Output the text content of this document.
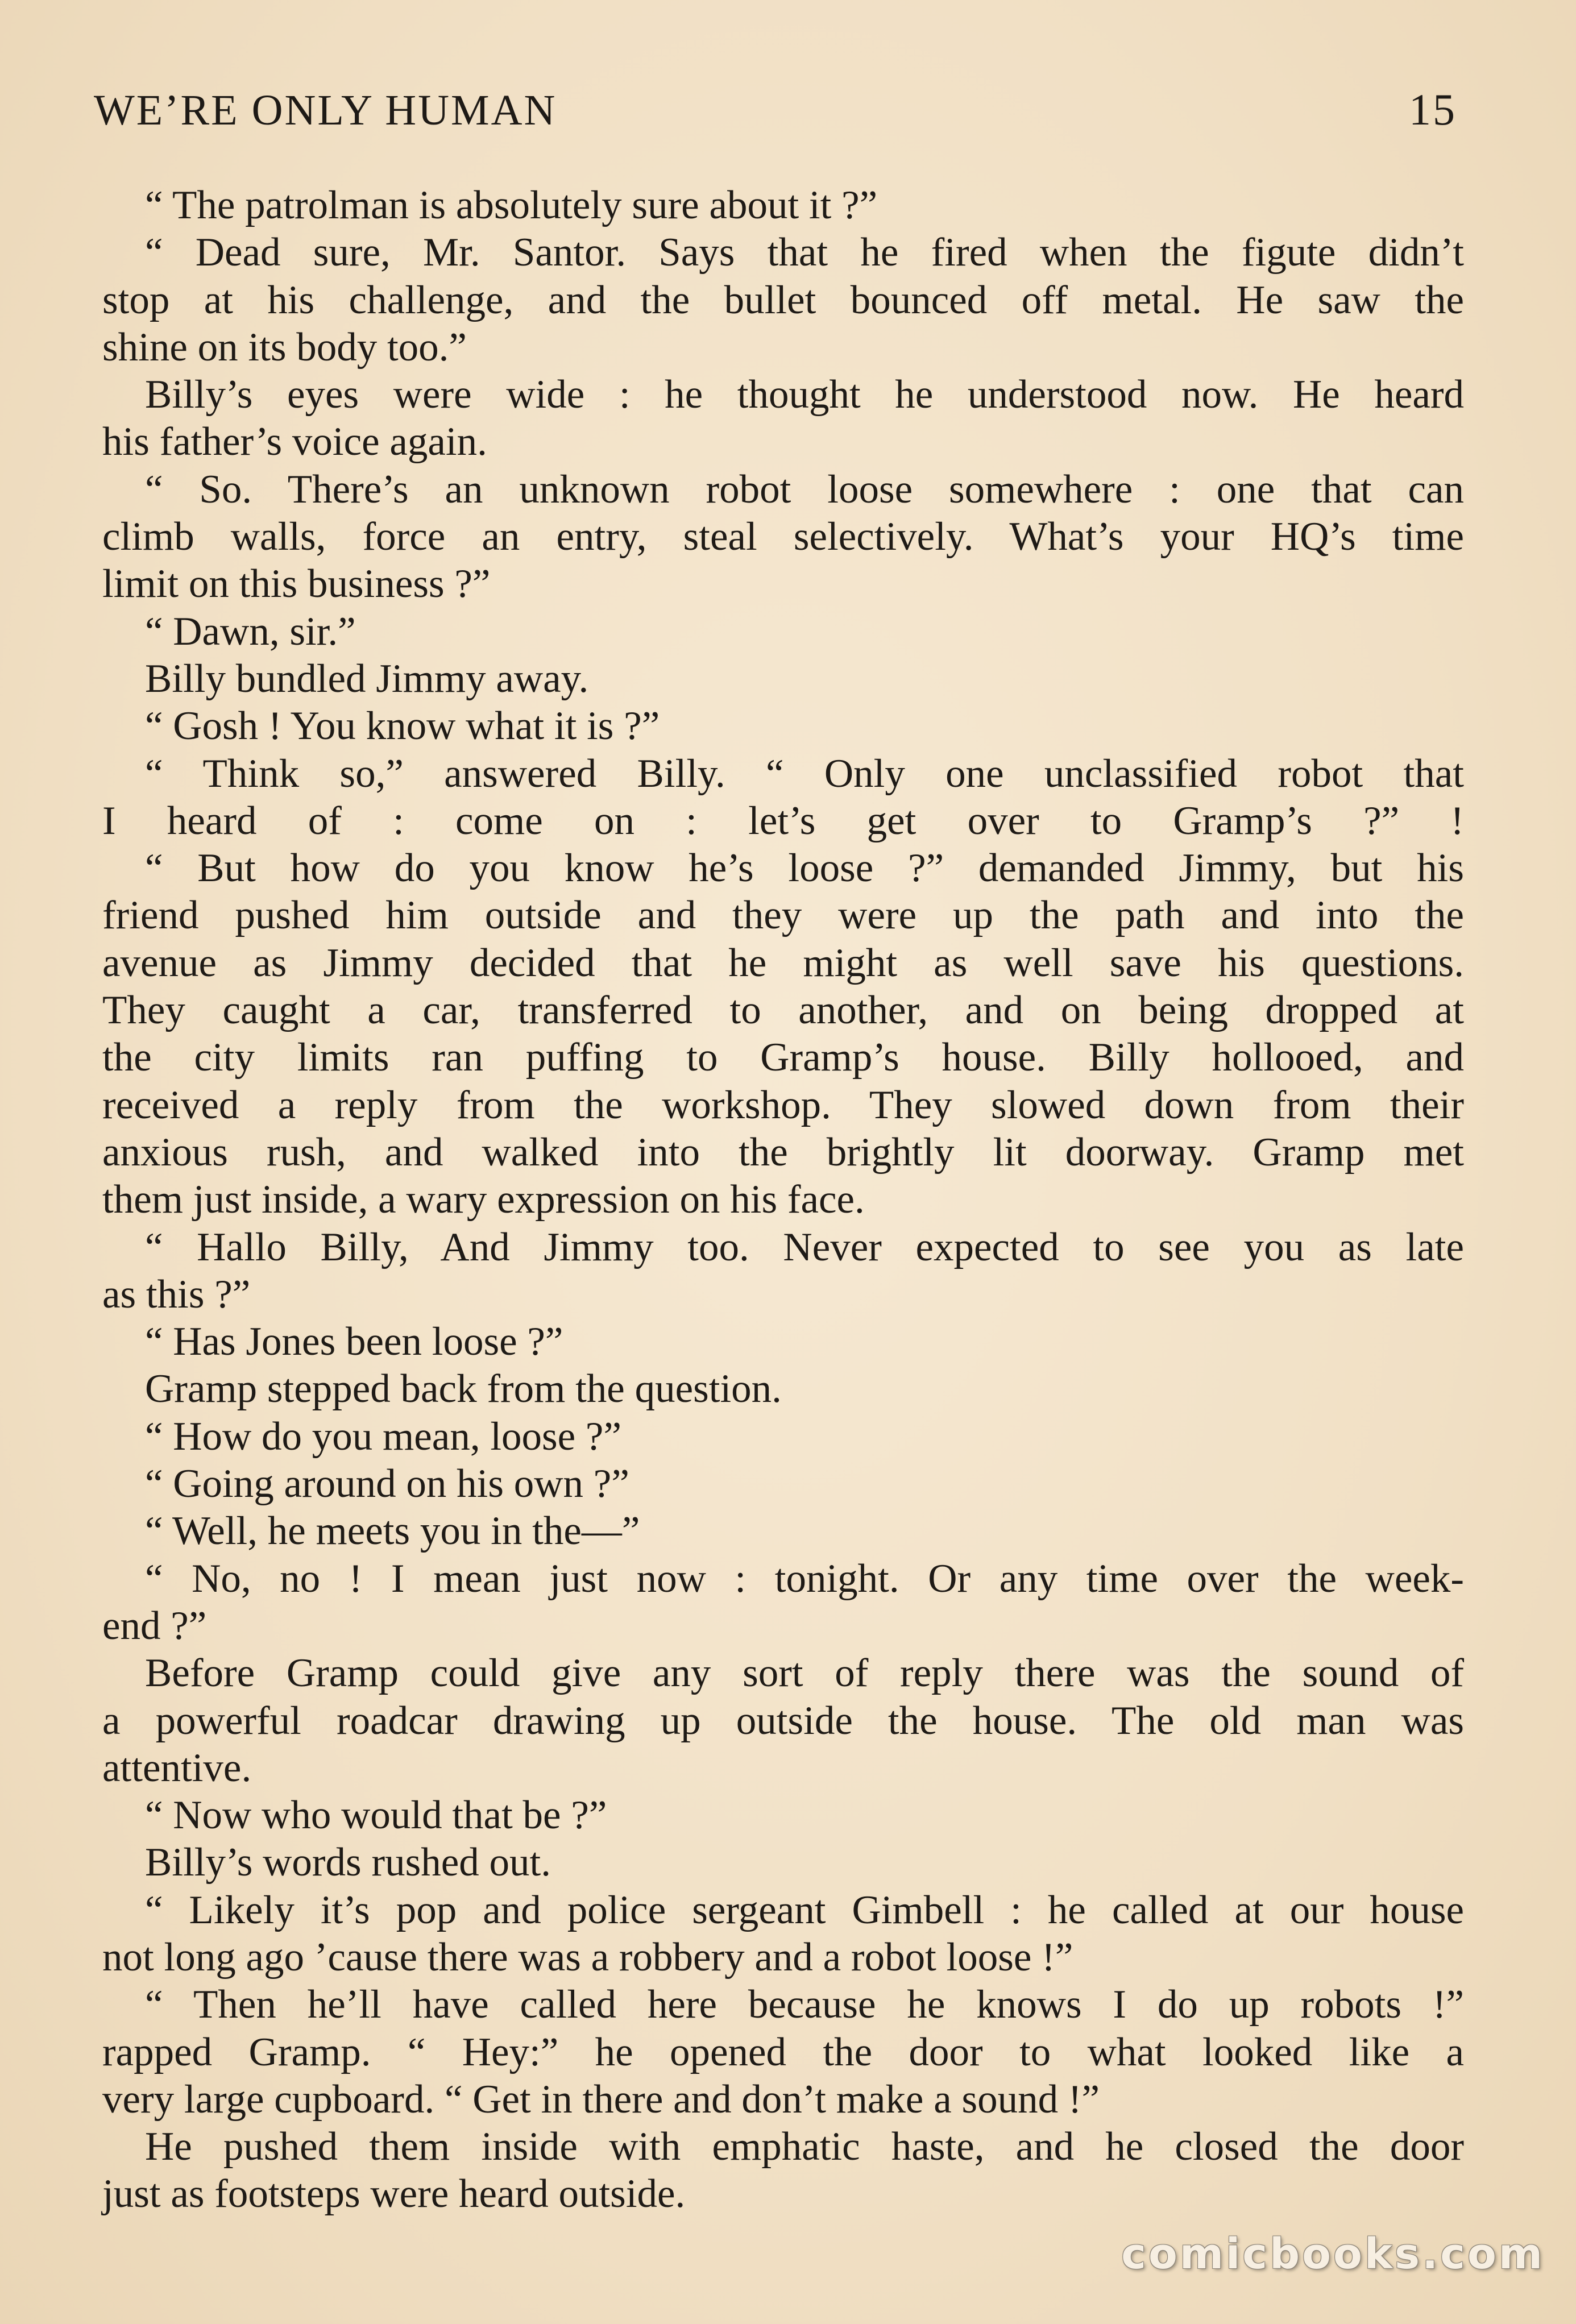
WE’RE ONLY HUMAN	15
“ The patrolman is absolutely sure about it ?”
“ Dead sure, Mr. Santor. Says that he fired when the figute didn’t
stop at his challenge, and the bullet bounced off metal. He saw the
shine on its body too.”
Billy’s eyes were wide : he thought he understood now. He heard
his father’s voice again.
“ So. There’s an unknown robot loose somewhere : one that can
climb walls, force an entry, steal selectively. What’s your HQ’s time
limit on this business ?”
“ Dawn, sir.”
Billy bundled Jimmy away.
“ Gosh ! You know what it is ?”
“ Think so,” answered Billy. “ Only one unclassified robot that
I heard of : come on : let’s get over to Gramp’s ?” !
“ But how do you know he’s loose ?” demanded Jimmy, but his
friend pushed him outside and they were up the path and into the
avenue as Jimmy decided that he might as well save his questions.
They caught a car, transferred to another, and on being dropped at
the city limits ran puffing to Gramp’s house. Billy hollooed, and
received a reply from the workshop. They slowed down from their
anxious rush, and walked into the brightly lit doorway. Gramp met
them just inside, a wary expression on his face.
“ Hallo Billy, And Jimmy too. Never expected to see you as late
as this ?”
“ Has Jones been loose ?”
Gramp stepped back from the question.
“ How do you mean, loose ?”
“ Going around on his own ?”
“ Well, he meets you in the—”
“ No, no ! I mean just now : tonight. Or any time over the week-
end ?”
Before Gramp could give any sort of reply there was the sound of
a powerful roadcar drawing up outside the house. The old man was
attentive.
“ Now who would that be ?”
Billy’s words rushed out.
“ Likely it’s pop and police sergeant Gimbell : he called at our house
not long ago ’cause there was a robbery and a robot loose !”
“ Then he’ll have called here because he knows I do up robots !”
rapped Gramp. “ Hey:” he opened the door to what looked like a
very large cupboard. “ Get in there and don’t make a sound !”
He pushed them inside with emphatic haste, and he closed the door
just as footsteps were heard outside.
comicbooks.com
